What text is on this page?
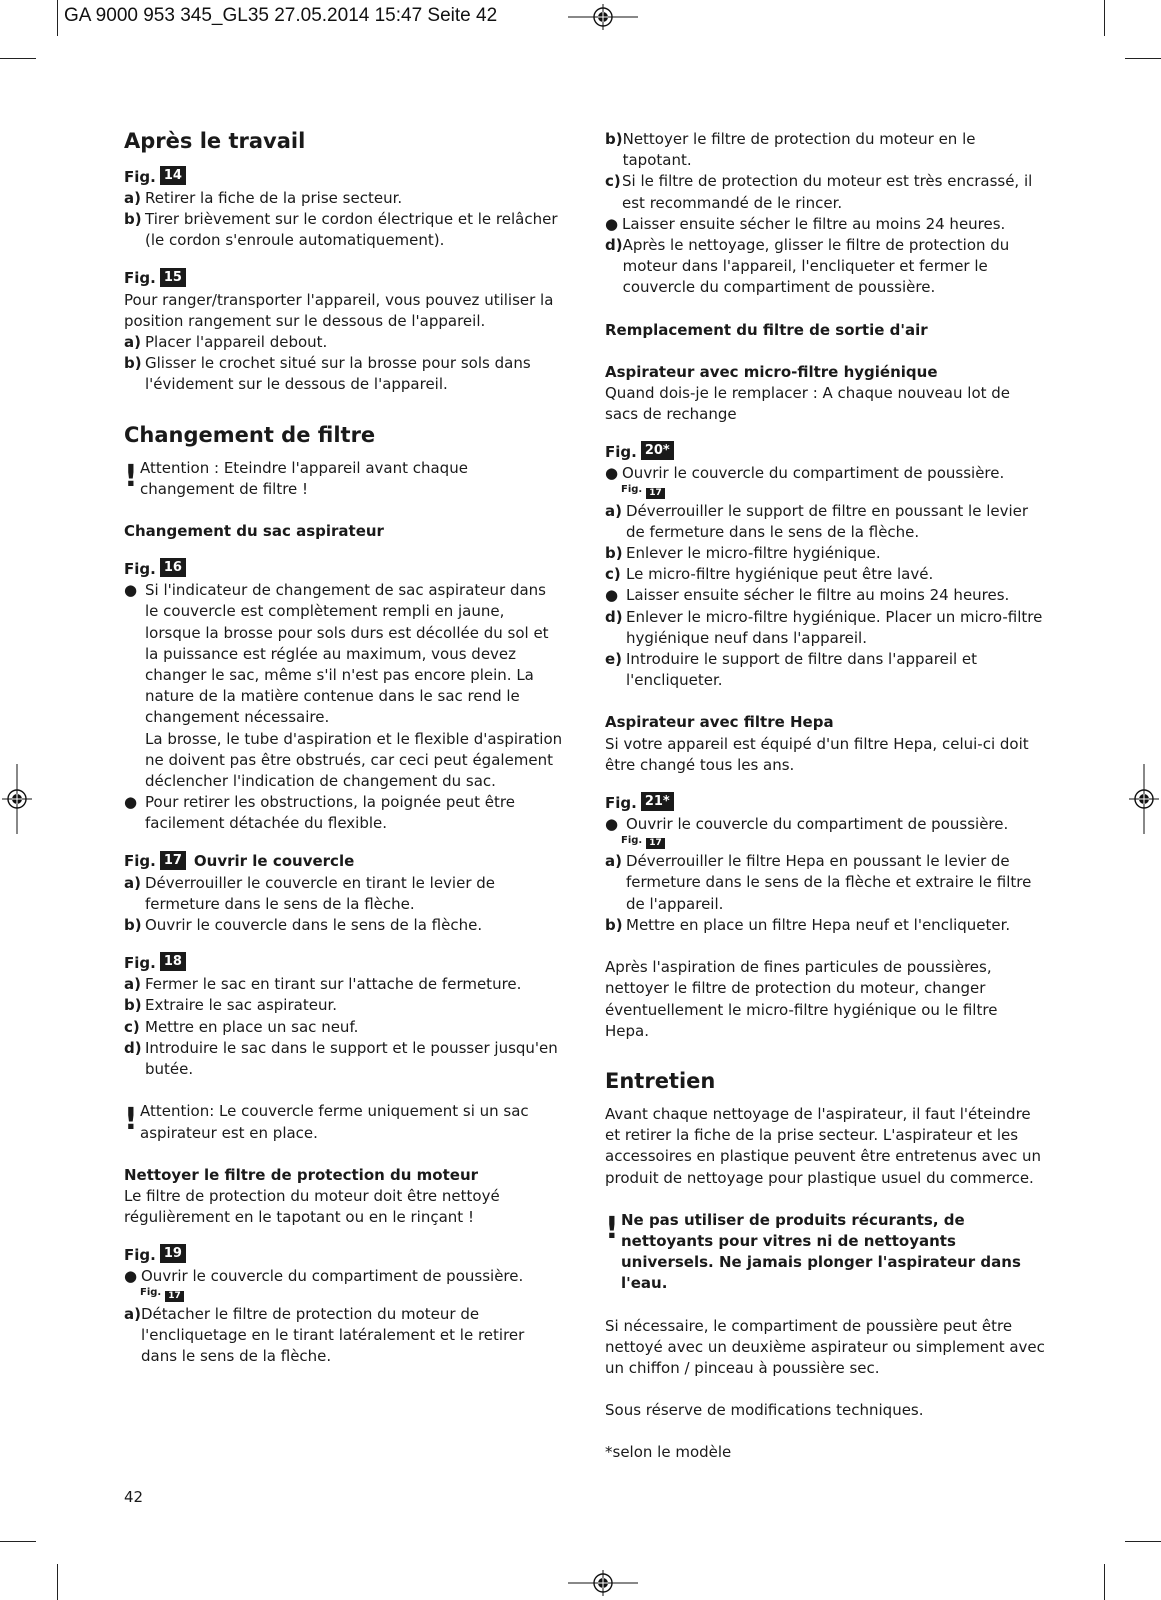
GA 9000 953 345_GL35 27.05.2014 15:47 Seite 42
Après le travail
Fig. 14
a) Retirer la fiche de la prise secteur.
b) Tirer brièvement sur le cordon électrique et le relâcher (le cordon s'enroule automatiquement).
Fig. 15

Pour ranger/transporter l'appareil, vous pouvez utiliser la position rangement sur le dessous de l'appareil.

a) Placer l'appareil debout.
b) Glisser le crochet situé sur la brosse pour sols dans l'évidement sur le dessous de l'appareil.
Changement de filtre
! Attention : Eteindre l'appareil avant chaque changement de filtre !

Changement du sac aspirateur

Fig. 16
● Si l'indicateur de changement de sac aspirateur dans le couvercle est complètement rempli en jaune, lorsque la brosse pour sols durs est décollée du sol et la puissance est réglée au maximum, vous devez changer le sac, même s'il n'est pas encore plein. La nature de la matière contenue dans le sac rend le changement nécessaire.
La brosse, le tube d'aspiration et le flexible d'aspiration ne doivent pas être obstrués, car ceci peut également déclencher l'indication de changement du sac.
● Pour retirer les obstructions, la poignée peut être facilement détachée du flexible.
Fig. 17 Ouvrir le couvercle
a) Déverrouiller le couvercle en tirant le levier de fermeture dans le sens de la flèche.
b) Ouvrir le couvercle dans le sens de la flèche.
Fig. 18
a) Fermer le sac en tirant sur l'attache de fermeture.
b) Extraire le sac aspirateur.
c) Mettre en place un sac neuf.
d) Introduire le sac dans le support et le pousser jusqu'en butée.
! Attention: Le couvercle ferme uniquement si un sac aspirateur est en place.

Nettoyer le filtre de protection du moteur

Le filtre de protection du moteur doit être nettoyé régulièrement en le tapotant ou en le rinçant !

Fig. 19
● Ouvrir le couvercle du compartiment de poussière.
Fig. 17
a) Détacher le filtre de protection du moteur de l'encliquetage en le tirant latéralement et le retirer dans le sens de la flèche.
b) Nettoyer le filtre de protection du moteur en le tapotant.
c) Si le filtre de protection du moteur est très encrassé, il est recommandé de le rincer.
● Laisser ensuite sécher le filtre au moins 24 heures.
d) Après le nettoyage, glisser le filtre de protection du moteur dans l'appareil, l'encliqueter et fermer le couvercle du compartiment de poussière.

Remplacement du filtre de sortie d'air

Aspirateur avec micro-filtre hygiénique

Quand dois-je le remplacer : A chaque nouveau lot de sacs de rechange

Fig. 20*
● Ouvrir le couvercle du compartiment de poussière.
Fig. 17
a) Déverrouiller le support de filtre en poussant le levier de fermeture dans le sens de la flèche.
b) Enlever le micro-filtre hygiénique.
c) Le micro-filtre hygiénique peut être lavé.
● Laisser ensuite sécher le filtre au moins 24 heures.
d) Enlever le micro-filtre hygiénique. Placer un micro-filtre hygiénique neuf dans l'appareil.
e) Introduire le support de filtre dans l'appareil et l'encliqueter.

Aspirateur avec filtre Hepa

Si votre appareil est équipé d'un filtre Hepa, celui-ci doit être changé tous les ans.

Fig. 21*
● Ouvrir le couvercle du compartiment de poussière.
Fig. 17
a) Déverrouiller le filtre Hepa en poussant le levier de fermeture dans le sens de la flèche et extraire le filtre de l'appareil.
b) Mettre en place un filtre Hepa neuf et l'encliqueter.

Après l'aspiration de fines particules de poussières, nettoyer le filtre de protection du moteur, changer éventuellement le micro-filtre hygiénique ou le filtre Hepa.

Entretien

Avant chaque nettoyage de l'aspirateur, il faut l'éteindre et retirer la fiche de la prise secteur. L'aspirateur et les accessoires en plastique peuvent être entretenus avec un produit de nettoyage pour plastique usuel du commerce.

! Ne pas utiliser de produits récurants, de nettoyants pour vitres ni de nettoyants universels. Ne jamais plonger l'aspirateur dans l'eau.

Si nécessaire, le compartiment de poussière peut être nettoyé avec un deuxième aspirateur ou simplement avec un chiffon / pinceau à poussière sec.

Sous réserve de modifications techniques.

*selon le modèle

42
